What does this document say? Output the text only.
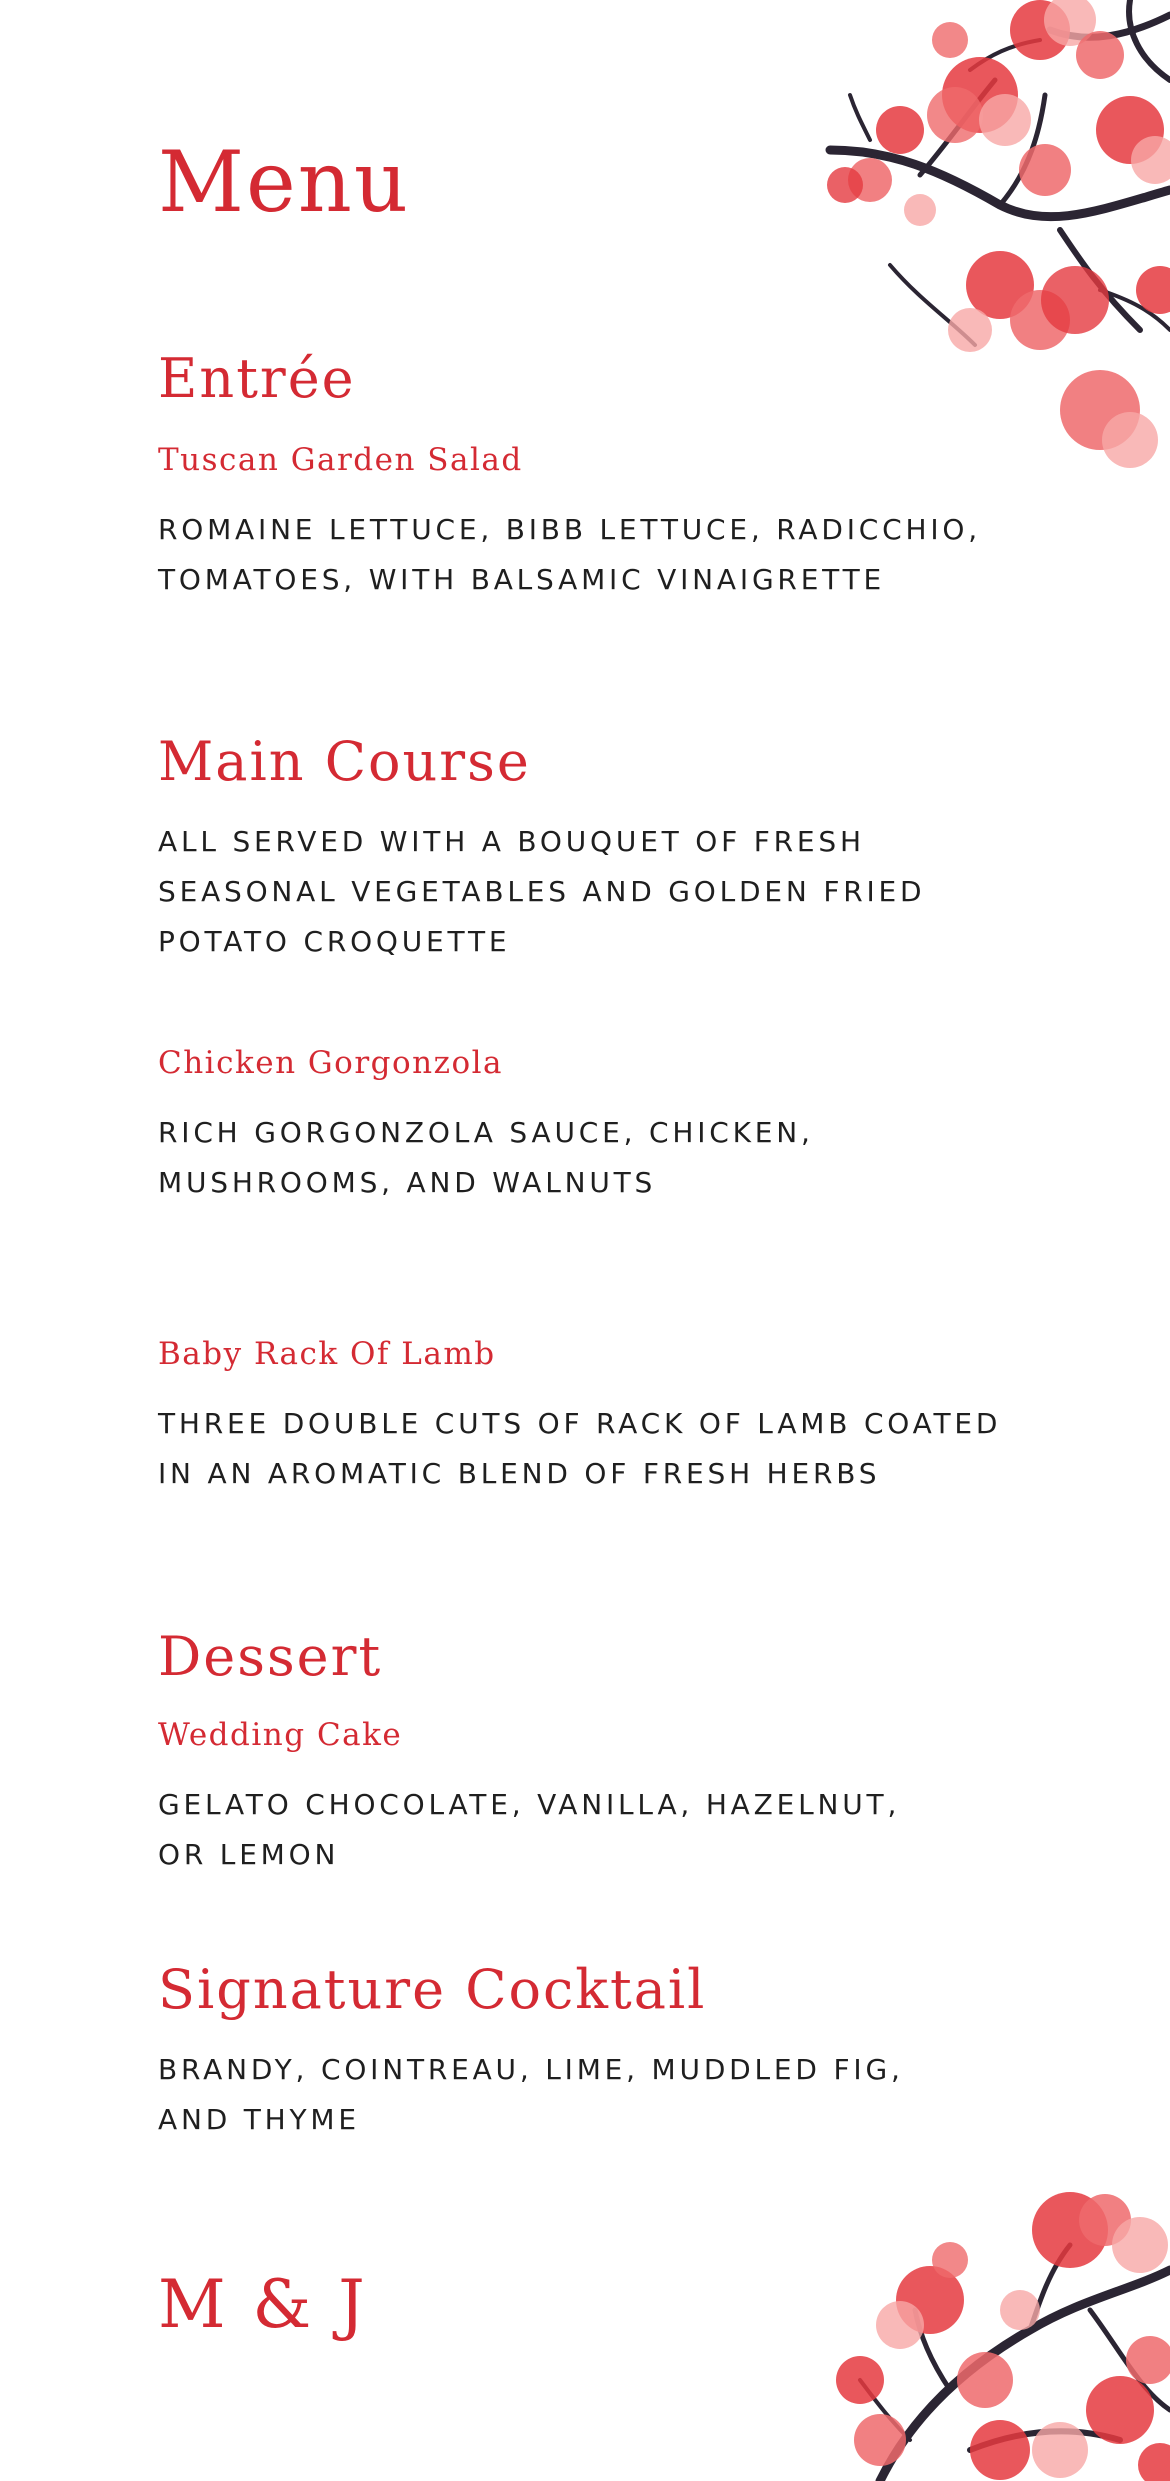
Menu
Entrée

Tuscan Garden Salad

ROMAINE LETTUCE, BIBB LETTUCE, RADICCHIO,
TOMATOES, WITH BALSAMIC VINAIGRETTE
Main Course
ALL SERVED WITH A BOUQUET OF FRESH
SEASONAL VEGETABLES AND GOLDEN FRIED
POTATO CROQUETTE

Chicken Gorgonzola

RICH GORGONZOLA SAUCE, CHICKEN,
MUSHROOMS, AND WALNUTS

Baby Rack Of Lamb

THREE DOUBLE CUTS OF RACK OF LAMB COATED
IN AN AROMATIC BLEND OF FRESH HERBS
Dessert

Wedding Cake

GELATO CHOCOLATE, VANILLA, HAZELNUT,
OR LEMON
Signature Cocktail
BRANDY, COINTREAU, LIME, MUDDLED FIG,
AND THYME

M & J
